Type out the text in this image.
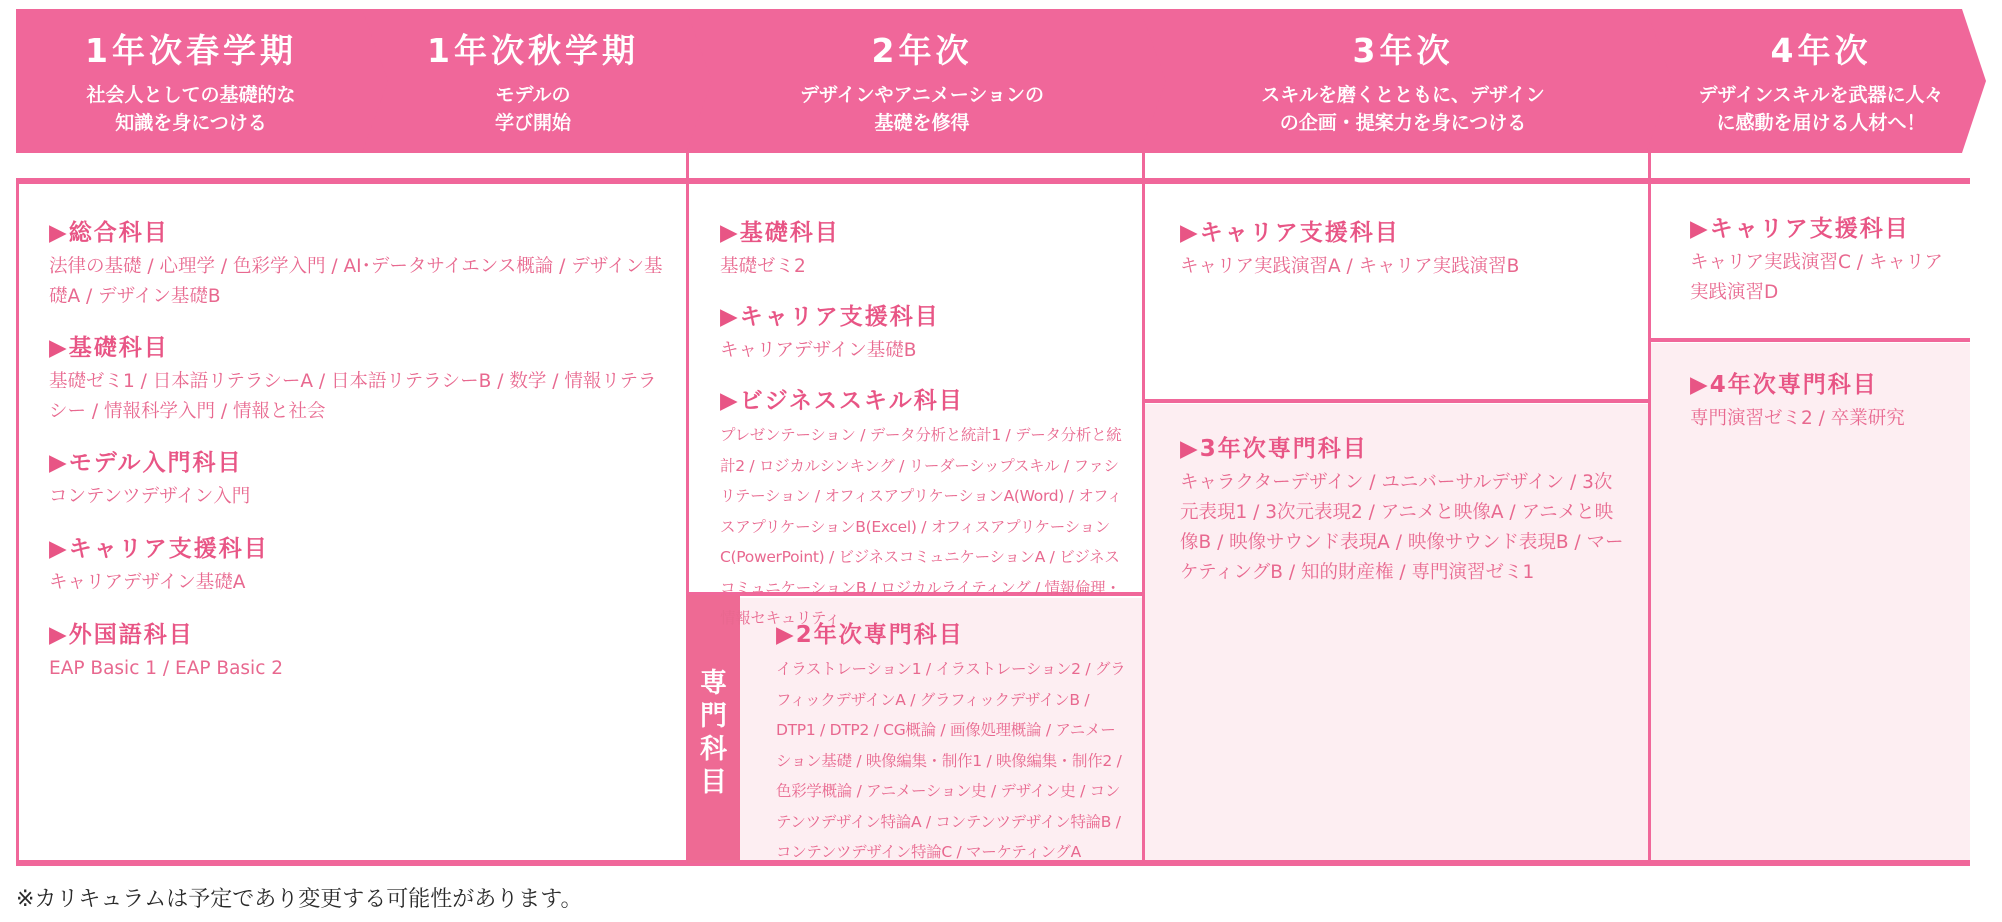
1年次春学期
社会人としての基礎的な
知識を身につける
1年次秋学期
モデルの
学び開始
2年次
デザインやアニメーションの
基礎を修得
3年次
スキルを磨くとともに、デザイン
の企画・提案力を身につける
4年次
デザインスキルを武器に人々
に感動を届ける人材へ！
専
門
科
目
▶総合科目
法律の基礎 / 心理学 / 色彩学入門 / AI･データサイエンス概論 / デザイン基礎A / デザイン基礎B
▶基礎科目
基礎ゼミ1 / 日本語リテラシーA / 日本語リテラシーB / 数学 / 情報リテラシー / 情報科学入門 / 情報と社会
▶モデル入門科目
コンテンツデザイン入門
▶キャリア支援科目
キャリアデザイン基礎A
▶外国語科目
EAP Basic 1 / EAP Basic 2
▶基礎科目
基礎ゼミ2
▶キャリア支援科目
キャリアデザイン基礎B
▶ビジネススキル科目
プレゼンテーション / データ分析と統計1 / データ分析と統計2 / ロジカルシンキング / リーダーシップスキル / ファシリテーション / オフィスアプリケーションA(Word) / オフィスアプリケーションB(Excel) / オフィスアプリケーションC(PowerPoint) / ビジネスコミュニケーションA / ビジネスコミュニケーションB / ロジカルライティング / 情報倫理・情報セキュリティ
▶2年次専門科目
イラストレーション1 / イラストレーション2 / グラフィックデザインA / グラフィックデザインB / DTP1 / DTP2 / CG概論 / 画像処理概論 / アニメーション基礎 / 映像編集・制作1 / 映像編集・制作2 / 色彩学概論 / アニメーション史 / デザイン史 / コンテンツデザイン特論A / コンテンツデザイン特論B / コンテンツデザイン特論C / マーケティングA
▶キャリア支援科目
キャリア実践演習A / キャリア実践演習B
▶3年次専門科目
キャラクターデザイン / ユニバーサルデザイン / 3次元表現1 / 3次元表現2 / アニメと映像A / アニメと映像B / 映像サウンド表現A / 映像サウンド表現B / マーケティングB / 知的財産権 / 専門演習ゼミ1
▶キャリア支援科目
キャリア実践演習C / キャリア実践演習D
▶4年次専門科目
専門演習ゼミ2 / 卒業研究
※カリキュラムは予定であり変更する可能性があります。
